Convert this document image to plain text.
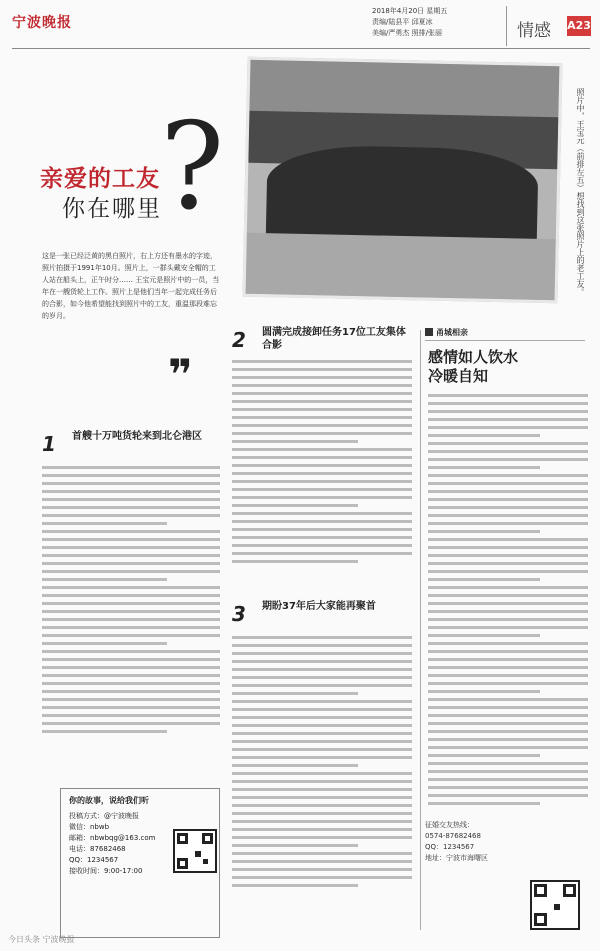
宁波晚报
2018年4月20日 星期五
责编/陆县平 邱夏冰
美编/严勇杰 照排/张丽	情感 A23
?
亲爱的工友
你在哪里	照片中，王宝元（前排左五）想找到这张照片上的老工友。
这是一张已经泛黄的黑白照片，右上方还有墨水的字迹，照片拍摄于1991年10月。照片上，一群头戴安全帽的工人站在船头上，正午时分…… 王宝元是照片中的一员，当年在一艘货轮上工作。照片上是他们当年一起完成任务后的合影，如今他希望能找到照片中的工友，重温那段难忘的岁月。
❞
1 首艘十万吨货轮来到北仑港区
2 圆满完成接卸任务17位工友集体合影
3 期盼37年后大家能再聚首
甬城相亲
感情如人饮水
冷暖自知
你的故事，说给我们听
投稿方式：@宁波晚报
微信：nbwb
邮箱：nbwbqg@163.com
电话：87682468
QQ：1234567
接收时间：9:00-17:00
征婚交友热线：
0574-87682468
QQ：1234567
地址：宁波市海曙区
今日头条 宁波晚报
